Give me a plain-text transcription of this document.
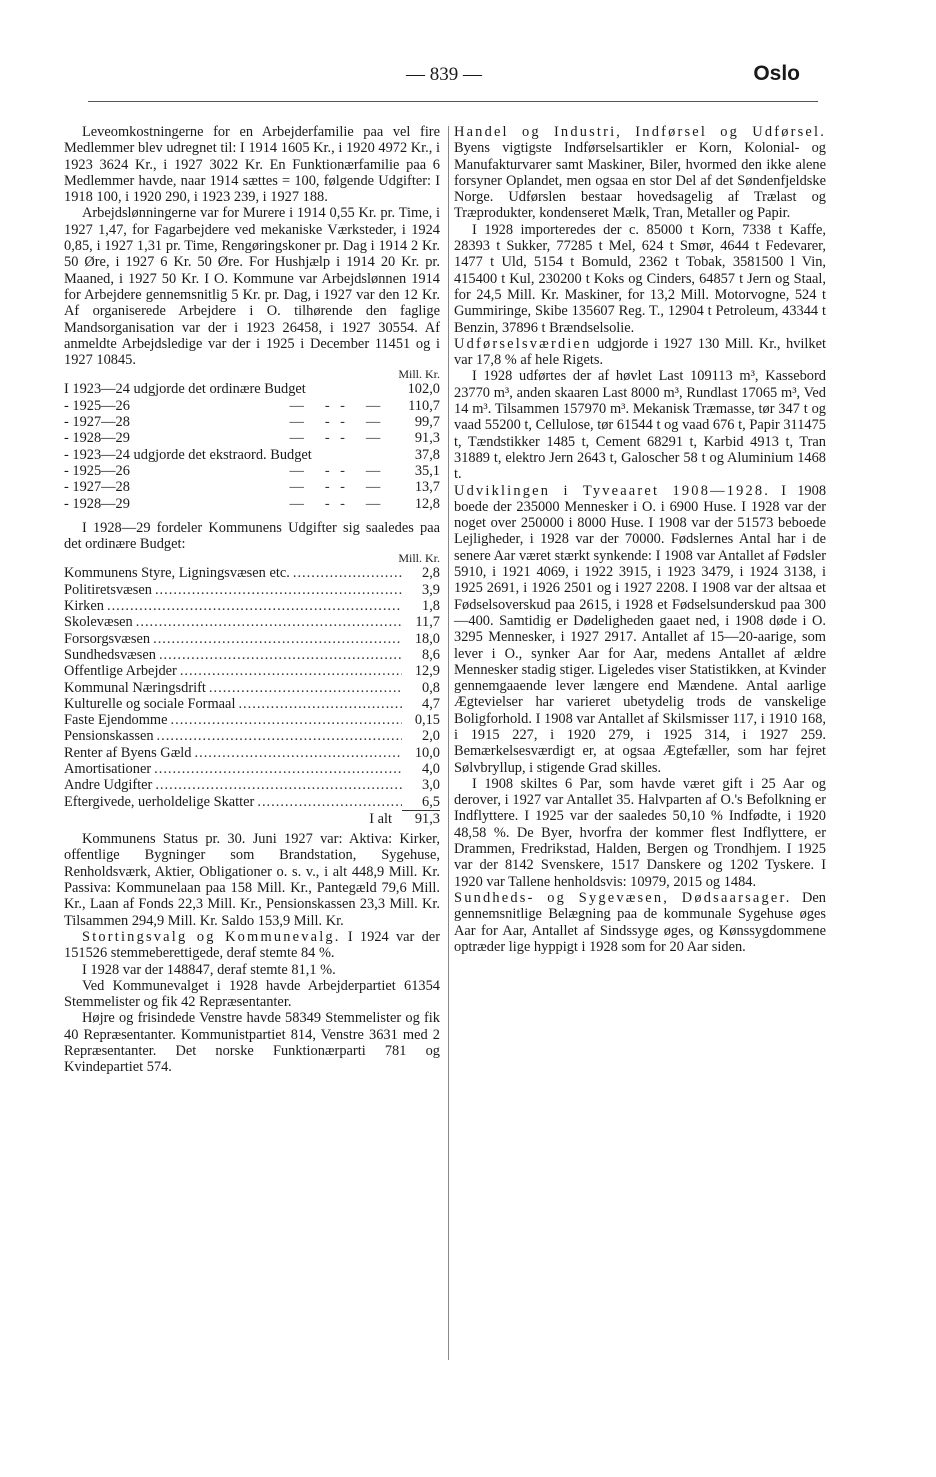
— 839 —	Oslo

Leveomkostningerne for en Arbejderfamilie paa vel fire Medlemmer blev udregnet til: I 1914 1605 Kr., i 1920 4972 Kr., i 1923 3624 Kr., i 1927 3022 Kr. En Funktionærfamilie paa 6 Medlemmer havde, naar 1914 sættes = 100, følgende Udgifter: I 1918 100, i 1920 290, i 1923 239, i 1927 188.

Arbejdslønningerne var for Murere i 1914 0,55 Kr. pr. Time, i 1927 1,47, for Fagarbejdere ved mekaniske Værksteder, i 1924 0,85, i 1927 1,31 pr. Time, Rengøringskoner pr. Dag i 1914 2 Kr. 50 Øre, i 1927 6 Kr. 50 Øre. For Hushjælp i 1914 20 Kr. pr. Maaned, i 1927 50 Kr. I O. Kommune var Arbejdslønnen 1914 for Arbejdere gennemsnitlig 5 Kr. pr. Dag, i 1927 var den 12 Kr. Af organiserede Arbejdere i O. tilhørende den faglige Mandsorganisation var der i 1923 26458, i 1927 30554. Af anmeldte Arbejdsledige var der i 1925 i December 11451 og i 1927 10845.

Mill. Kr.
I 1923—24 udgjorde det ordinære Budget					102,0
- 1925—26	—	-	-	—	110,7
- 1927—28	—	-	-	—	99,7
- 1928—29	—	-	-	—	91,3
- 1923—24 udgjorde det ekstraord. Budget					37,8
- 1925—26	—	-	-	—	35,1
- 1927—28	—	-	-	—	13,7
- 1928—29	—	-	-	—	12,8

I 1928—29 fordeler Kommunens Udgifter sig saaledes paa det ordinære Budget:

Mill. Kr.
Kommunens Styre, Ligningsvæsen etc. .....	2,8
Politiretsvæsen .....	3,9
Kirken .....	1,8
Skolevæsen .....	11,7
Forsorgsvæsen .....	18,0
Sundhedsvæsen .....	8,6
Offentlige Arbejder .....	12,9
Kommunal Næringsdrift .....	0,8
Kulturelle og sociale Formaal .....	4,7
Faste Ejendomme .....	0,15
Pensionskassen .....	2,0
Renter af Byens Gæld .....	10,0
Amortisationer .....	4,0
Andre Udgifter .....	3,0
Eftergivede, uerholdelige Skatter .....	6,5
I alt	91,3

Kommunens Status pr. 30. Juni 1927 var: Aktiva: Kirker, offentlige Bygninger som Brandstation, Sygehuse, Renholdsværk, Aktier, Obligationer o. s. v., i alt 448,9 Mill. Kr. Passiva: Kommunelaan paa 158 Mill. Kr., Pantegæld 79,6 Mill. Kr., Laan af Fonds 22,3 Mill. Kr., Pensionskassen 23,3 Mill. Kr. Tilsammen 294,9 Mill. Kr. Saldo 153,9 Mill. Kr.

Stortingsvalg og Kommunevalg. I 1924 var der 151526 stemmeberettigede, deraf stemte 84 %.

I 1928 var der 148847, deraf stemte 81,1 %.

Ved Kommunevalget i 1928 havde Arbejderpartiet 61354 Stemmelister og fik 42 Repræsentanter.

Højre og frisindede Venstre havde 58349 Stemmelister og fik 40 Repræsentanter. Kommunistpartiet 814, Venstre 3631 med 2 Repræsentanter. Det norske Funktionærparti 781 og Kvindepartiet 574.

Handel og Industri, Indførsel og Udførsel. Byens vigtigste Indførselsartikler er Korn, Kolonial- og Manufakturvarer samt Maskiner, Biler, hvormed den ikke alene forsyner Oplandet, men ogsaa en stor Del af det Søndenfjeldske Norge. Udførslen bestaar hovedsagelig af Trælast og Træprodukter, kondenseret Mælk, Tran, Metaller og Papir.

I 1928 importeredes der c. 85000 t Korn, 7338 t Kaffe, 28393 t Sukker, 77285 t Mel, 624 t Smør, 4644 t Fedevarer, 1477 t Uld, 5154 t Bomuld, 2362 t Tobak, 3581500 l Vin, 415400 t Kul, 230200 t Koks og Cinders, 64857 t Jern og Staal, for 24,5 Mill. Kr. Maskiner, for 13,2 Mill. Motorvogne, 524 t Gummiringe, Skibe 135607 Reg. T., 12904 t Petroleum, 43344 t Benzin, 37896 t Brændselsolie.

Udførselsværdien udgjorde i 1927 130 Mill. Kr., hvilket var 17,8 % af hele Rigets.

I 1928 udførtes der af høvlet Last 109113 m³, Kassebord 23770 m³, anden skaaren Last 8000 m³, Rundlast 17065 m³, Ved 14 m³. Tilsammen 157970 m³. Mekanisk Træmasse, tør 347 t og vaad 55200 t, Cellulose, tør 61544 t og vaad 676 t, Papir 311475 t, Tændstikker 1485 t, Cement 68291 t, Karbid 4913 t, Tran 31889 t, elektro Jern 2643 t, Galoscher 58 t og Aluminium 1468 t.

Udviklingen i Tyveaaret 1908—1928. I 1908 boede der 235000 Mennesker i O. i 6900 Huse. I 1928 var der noget over 250000 i 8000 Huse. I 1908 var der 51573 beboede Lejligheder, i 1928 var der 70000. Fødslernes Antal har i de senere Aar været stærkt synkende: I 1908 var Antallet af Fødsler 5910, i 1921 4069, i 1922 3915, i 1923 3479, i 1924 3138, i 1925 2691, i 1926 2501 og i 1927 2208. I 1908 var der altsaa et Fødselsoverskud paa 2615, i 1928 et Fødselsunderskud paa 300—400. Samtidig er Dødeligheden gaaet ned, i 1908 døde i O. 3295 Mennesker, i 1927 2917. Antallet af 15—20-aarige, som lever i O., synker Aar for Aar, medens Antallet af ældre Mennesker stadig stiger. Ligeledes viser Statistikken, at Kvinder gennemgaaende lever længere end Mændene. Antal aarlige Ægtevielser har varieret ubetydelig trods de vanskelige Boligforhold. I 1908 var Antallet af Skilsmisser 117, i 1910 168, i 1915 227, i 1920 279, i 1925 314, i 1927 259. Bemærkelsesværdigt er, at ogsaa Ægtefæller, som har fejret Sølvbryllup, i stigende Grad skilles.

I 1908 skiltes 6 Par, som havde været gift i 25 Aar og derover, i 1927 var Antallet 35. Halvparten af O.'s Befolkning er Indflyttere. I 1925 var der saaledes 50,10 % Indfødte, i 1920 48,58 %. De Byer, hvorfra der kommer flest Indflyttere, er Drammen, Fredrikstad, Halden, Bergen og Trondhjem. I 1925 var der 8142 Svenskere, 1517 Danskere og 1202 Tyskere. I 1920 var Tallene henholdsvis: 10979, 2015 og 1484.

Sundheds- og Sygevæsen, Dødsaarsager. Den gennemsnitlige Belægning paa de kommunale Sygehuse øges Aar for Aar, Antallet af Sindssyge øges, og Kønssygdommene optræder lige hyppigt i 1928 som for 20 Aar siden.
